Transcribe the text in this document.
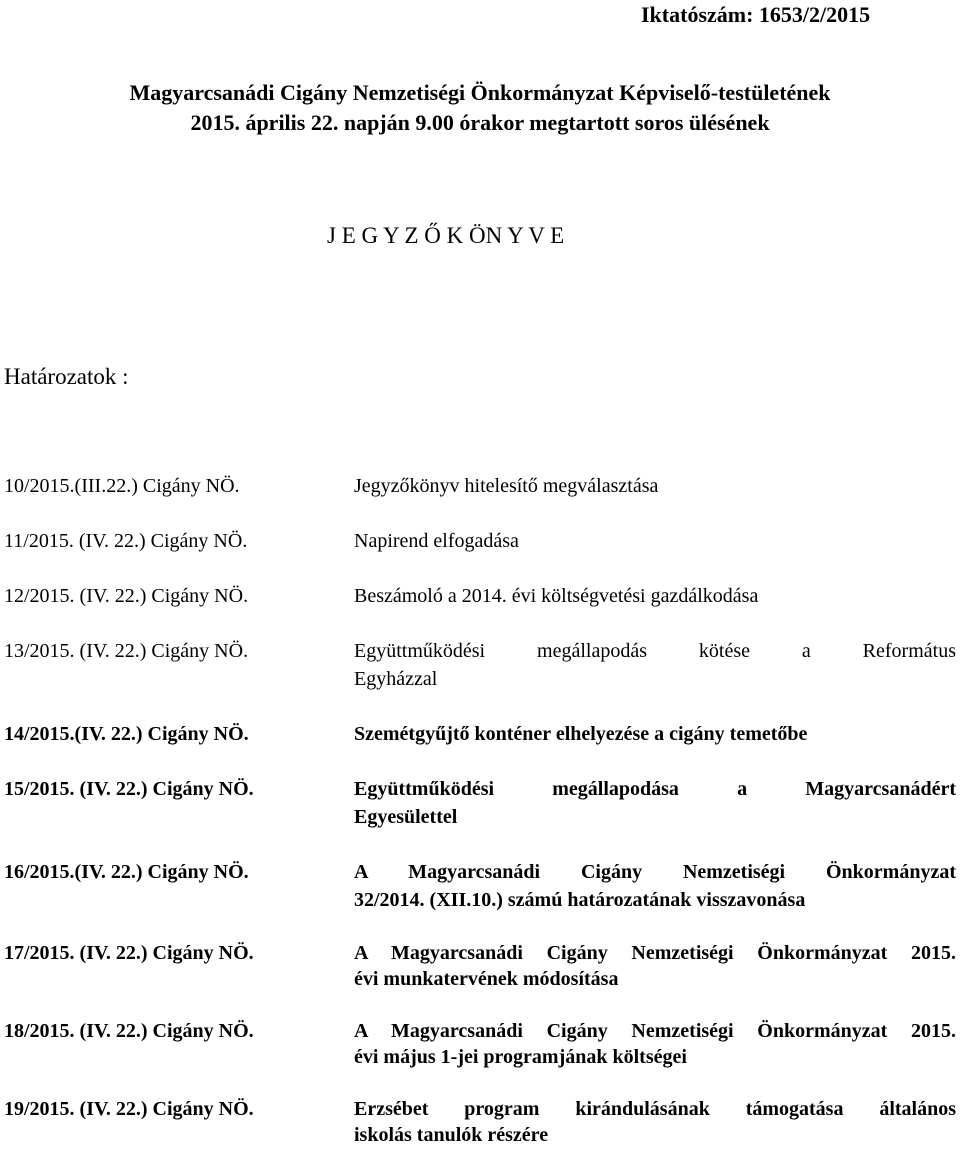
Iktatószám: 1653/2/2015
Magyarcsanádi Cigány Nemzetiségi Önkormányzat Képviselő-testületének
2015. április 22. napján 9.00 órakor megtartott soros ülésének
J E G Y Z Ő K ÖN Y V E
Határozatok :
10/2015.(III.22.) Cigány NÖ.	Jegyzőkönyv hitelesítő megválasztása
11/2015. (IV. 22.) Cigány NÖ.	Napirend elfogadása
12/2015. (IV. 22.) Cigány NÖ.	Beszámoló a 2014. évi költségvetési gazdálkodása
13/2015. (IV. 22.) Cigány NÖ.	Együttműködési megállapodás kötése a Református
Egyházzal
14/2015.(IV. 22.) Cigány NÖ.	Szemétgyűjtő konténer elhelyezése a cigány temetőbe
15/2015. (IV. 22.) Cigány NÖ.	Együttműködési megállapodása a Magyarcsanádért
Egyesülettel
16/2015.(IV. 22.) Cigány NÖ.	A Magyarcsanádi Cigány Nemzetiségi Önkormányzat
32/2014. (XII.10.) számú határozatának visszavonása
17/2015. (IV. 22.) Cigány NÖ.	A Magyarcsanádi Cigány Nemzetiségi Önkormányzat 2015.
évi munkatervének módosítása
18/2015. (IV. 22.) Cigány NÖ.	A Magyarcsanádi Cigány Nemzetiségi Önkormányzat 2015.
évi május 1-jei programjának költségei
19/2015. (IV. 22.) Cigány NÖ.	Erzsébet program kirándulásának támogatása általános
iskolás tanulók részére
